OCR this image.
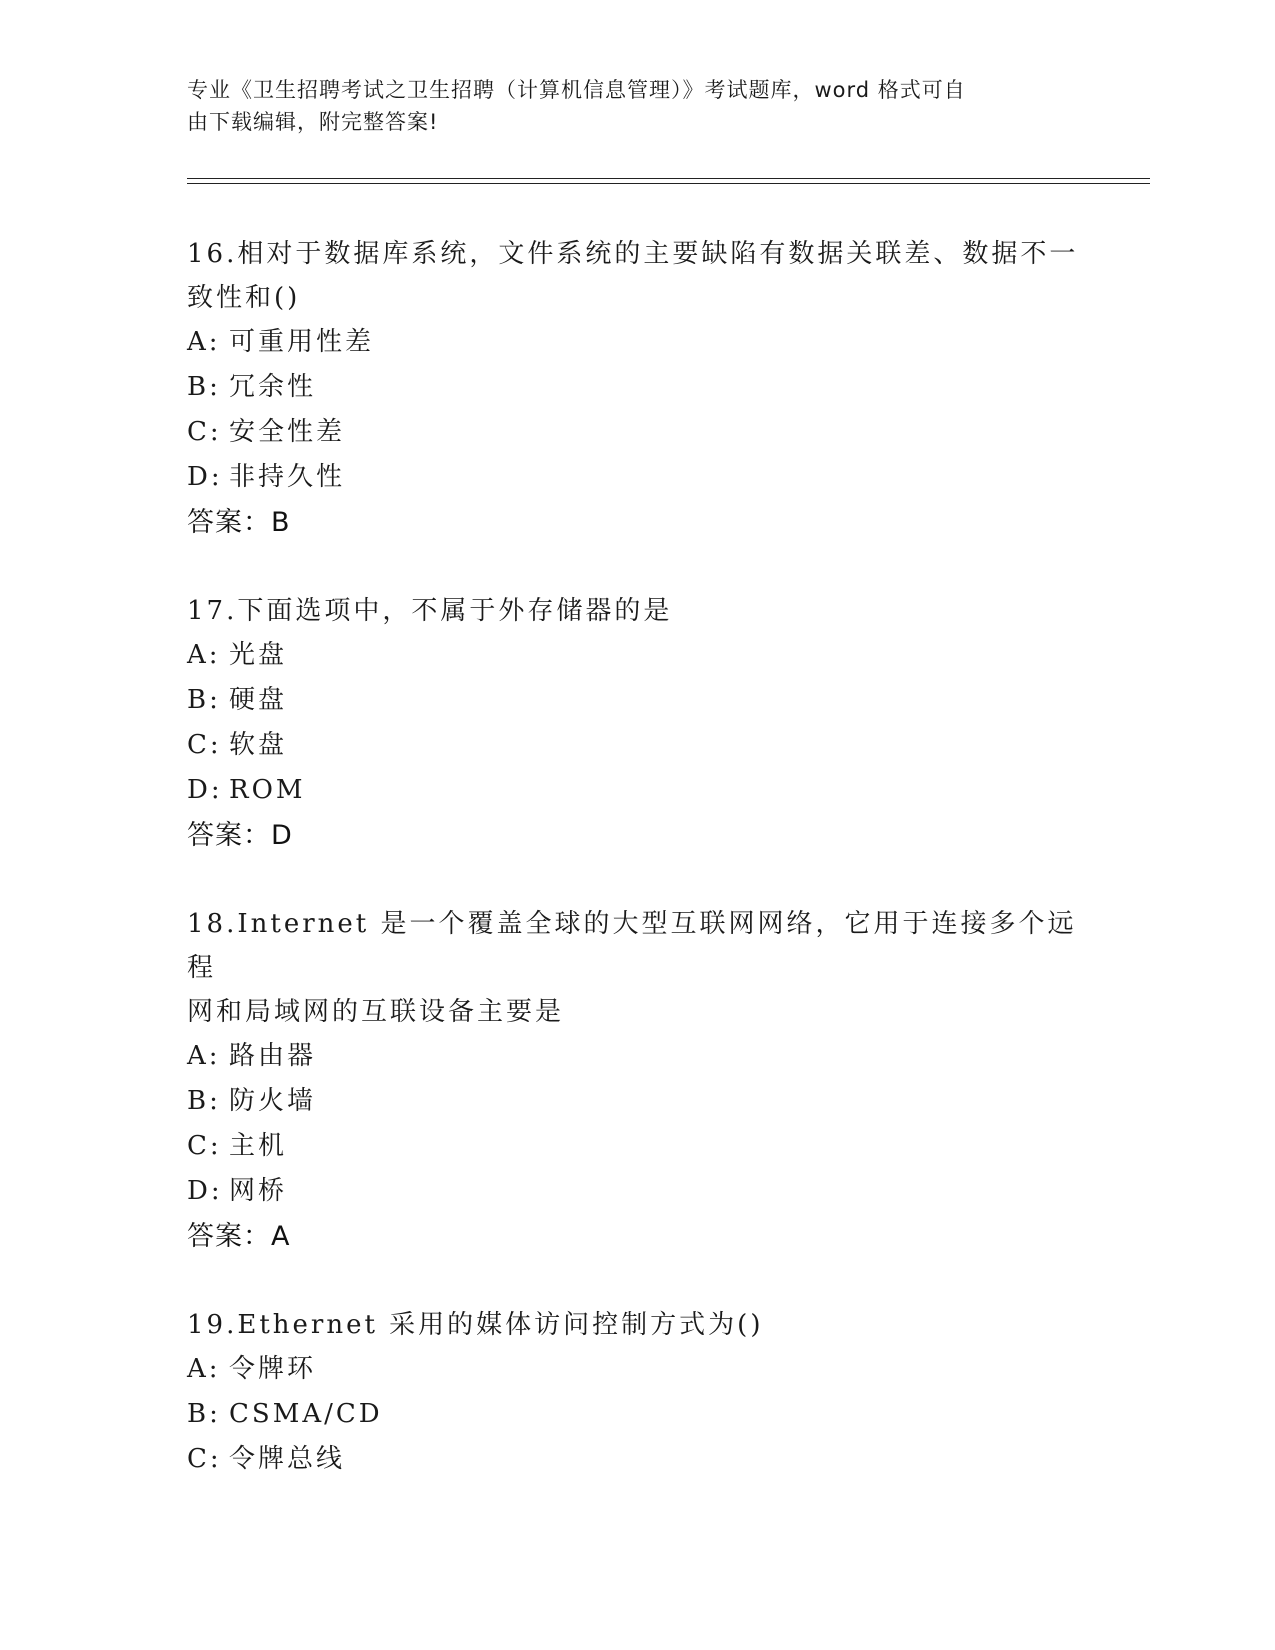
专业《卫生招聘考试之卫生招聘（计算机信息管理）》考试题库，word 格式可自
由下载编辑，附完整答案!
16.相对于数据库系统，文件系统的主要缺陷有数据关联差、数据不一
致性和()
A: 可重用性差
B: 冗余性
C: 安全性差
D: 非持久性
答案：B
17.下面选项中，不属于外存储器的是
A: 光盘
B: 硬盘
C: 软盘
D: ROM
答案：D
18.Internet 是一个覆盖全球的大型互联网网络，它用于连接多个远程
网和局域网的互联设备主要是
A: 路由器
B: 防火墙
C: 主机
D: 网桥
答案：A
19.Ethernet 采用的媒体访问控制方式为()
A: 令牌环
B: CSMA/CD
C: 令牌总线
